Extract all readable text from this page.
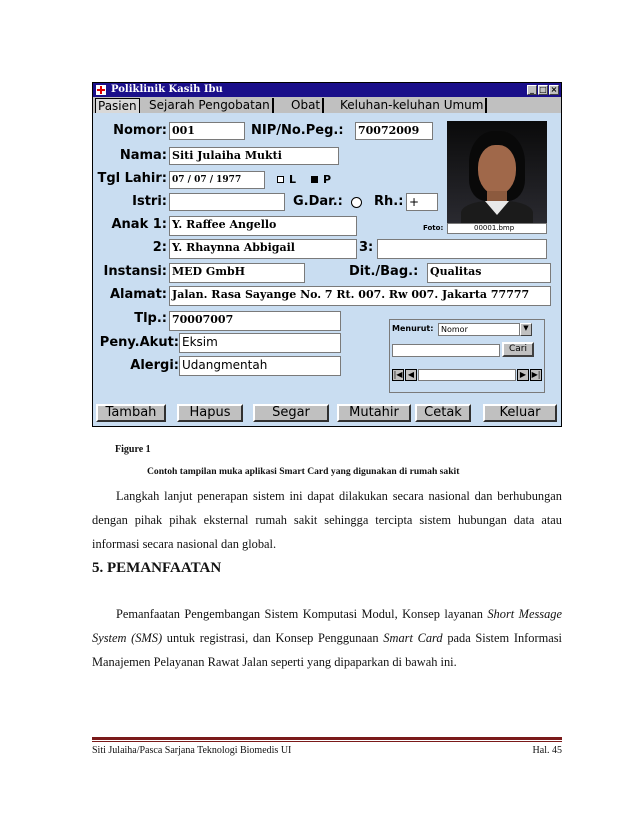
Poliklinik Kasih Ibu	_ □ ×
Pasien Sejarah Pengobatan	Obat	Keluhan-keluhan Umum
Nomor: 001	NIP/No.Peg.: 70072009
Nama: Siti Julaiha Mukti
Tgl Lahir: 07 / 07 / 1977	L P
Istri:	G.Dar.: Rh.: +
Foto:	00001.bmp
Anak 1: Y. Raffee Angello
2: Y. Rhaynna Abbigail	3:
Instansi: MED GmbH	Dit./Bag.: Qualitas
Alamat: Jalan. Rasa Sayange No. 7 Rt. 007. Rw 007. Jakarta 77777
Tlp.: 70007007
Peny.Akut: Eksim
Alergi: Udangmentah
Menurut: Nomor	▼
Cari
|◀ ◀	▶ ▶|
Tambah	Hapus	Segar	Mutahir	Cetak	Keluar
Figure 1
Contoh tampilan muka aplikasi Smart Card yang digunakan di rumah sakit

Langkah lanjut penerapan sistem ini dapat dilakukan secara nasional dan berhubungan dengan pihak pihak eksternal rumah sakit sehingga tercipta sistem hubungan data atau informasi secara nasional dan global.

5. PEMANFAATAN

Pemanfaatan Pengembangan Sistem Komputasi Modul, Konsep layanan Short Message System (SMS) untuk registrasi, dan Konsep Penggunaan Smart Card pada Sistem Informasi Manajemen Pelayanan Rawat Jalan seperti yang dipaparkan di bawah ini.

Siti Julaiha/Pasca Sarjana Teknologi Biomedis UI	Hal. 45
